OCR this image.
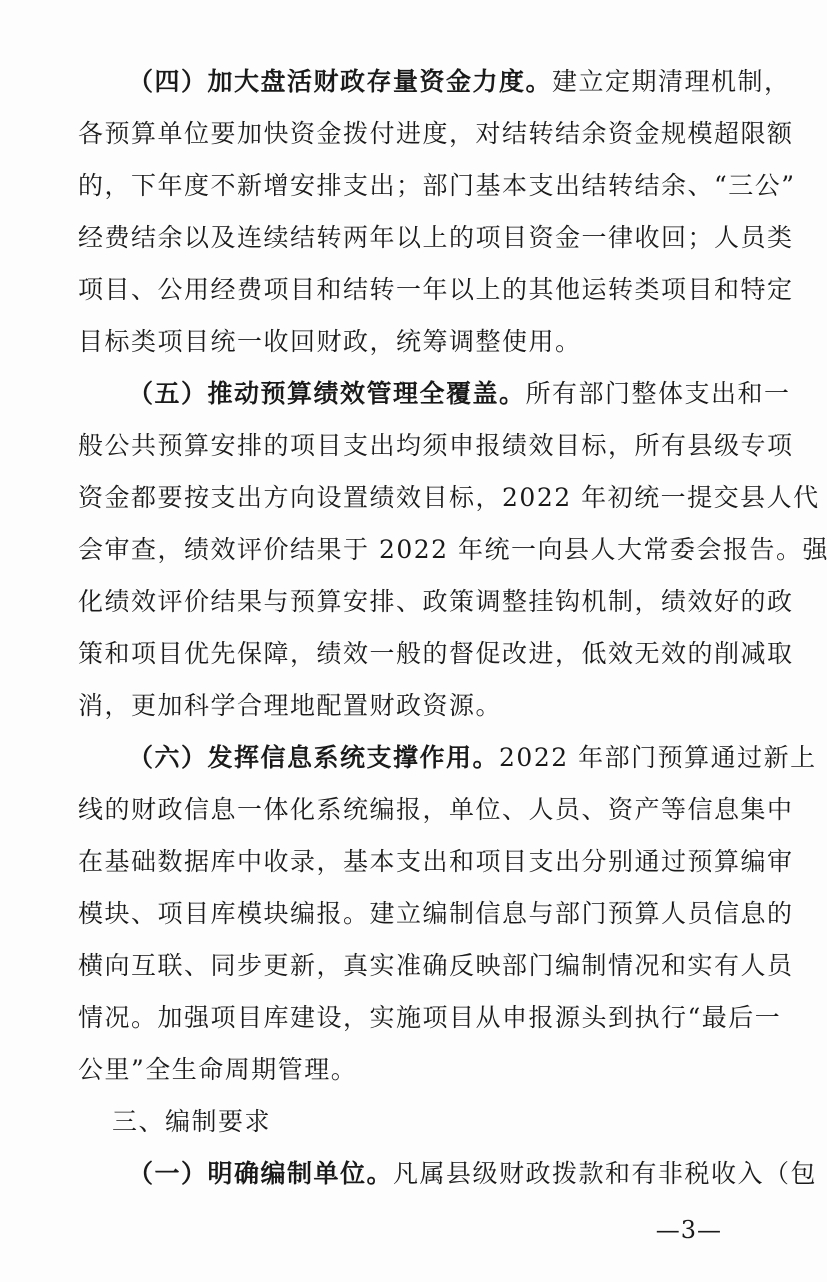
（四）加大盘活财政存量资金力度。建立定期清理机制，
各预算单位要加快资金拨付进度，对结转结余资金规模超限额
的，下年度不新增安排支出；部门基本支出结转结余、“三公”
经费结余以及连续结转两年以上的项目资金一律收回；人员类
项目、公用经费项目和结转一年以上的其他运转类项目和特定
目标类项目统一收回财政，统筹调整使用。
（五）推动预算绩效管理全覆盖。所有部门整体支出和一
般公共预算安排的项目支出均须申报绩效目标，所有县级专项
资金都要按支出方向设置绩效目标，2022 年初统一提交县人代
会审查，绩效评价结果于 2022 年统一向县人大常委会报告。强
化绩效评价结果与预算安排、政策调整挂钩机制，绩效好的政
策和项目优先保障，绩效一般的督促改进，低效无效的削减取
消，更加科学合理地配置财政资源。
（六）发挥信息系统支撑作用。2022 年部门预算通过新上
线的财政信息一体化系统编报，单位、人员、资产等信息集中
在基础数据库中收录，基本支出和项目支出分别通过预算编审
模块、项目库模块编报。建立编制信息与部门预算人员信息的
横向互联、同步更新，真实准确反映部门编制情况和实有人员
情况。加强项目库建设，实施项目从申报源头到执行“最后一
公里”全生命周期管理。
三、编制要求
（一）明确编制单位。凡属县级财政拨款和有非税收入（包
—3—
